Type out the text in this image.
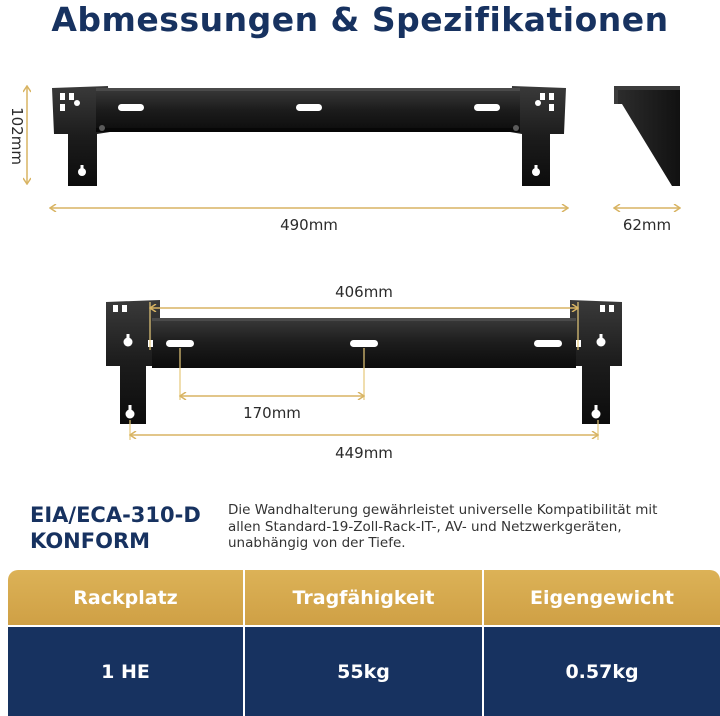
Abmessungen & Spezifikationen
102mm
490mm	62mm
406mm
170mm
449mm
EIA/ECA-310-D
KONFORM
Die Wandhalterung gewährleistet universelle Kompatibilität mit allen Standard-19-Zoll-Rack-IT-, AV- und Netzwerkgeräten, unabhängig von der Tiefe.
Rackplatz	Tragfähigkeit	Eigengewicht
1 HE	55kg	0.57kg
